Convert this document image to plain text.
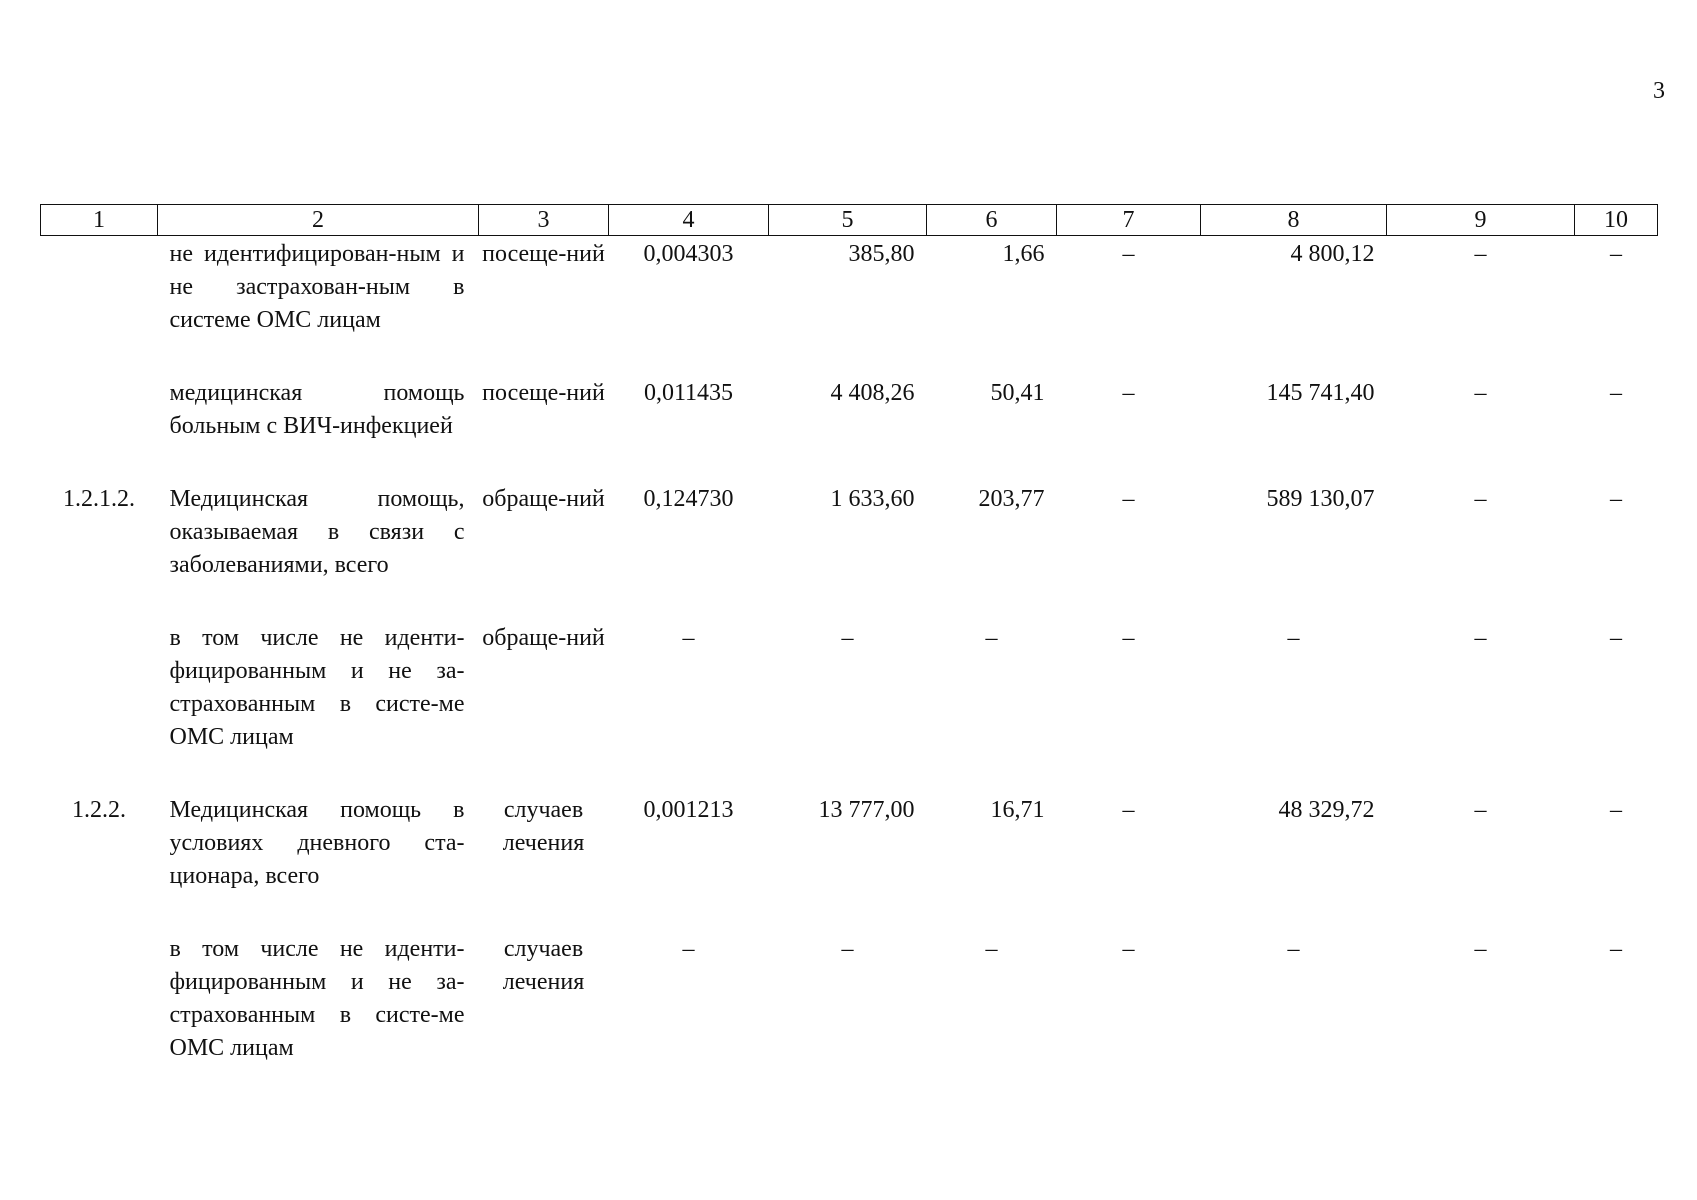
3
1	2	3	4	5	6	7	8	9	10
	не идентифицирован-ным и не застрахован-ным в системе ОМС лицам	посеще-ний	0,004303	385,80	1,66	–	4 800,12	–	–
	медицинская помощь больным с ВИЧ-инфекцией	посеще-ний	0,011435	4 408,26	50,41	–	145 741,40	–	–
1.2.1.2.	Медицинская помощь, оказываемая в связи с заболеваниями, всего	обраще-ний	0,124730	1 633,60	203,77	–	589 130,07	–	–
	в том числе не иденти-фицированным и не за-страхованным в систе-ме ОМС лицам	обраще-ний	–	–	–	–	–	–	–
1.2.2.	Медицинская помощь в условиях дневного ста-ционара, всего	случаев лечения	0,001213	13 777,00	16,71	–	48 329,72	–	–
	в том числе не иденти-фицированным и не за-страхованным в систе-ме ОМС лицам	случаев лечения	–	–	–	–	–	–	–
